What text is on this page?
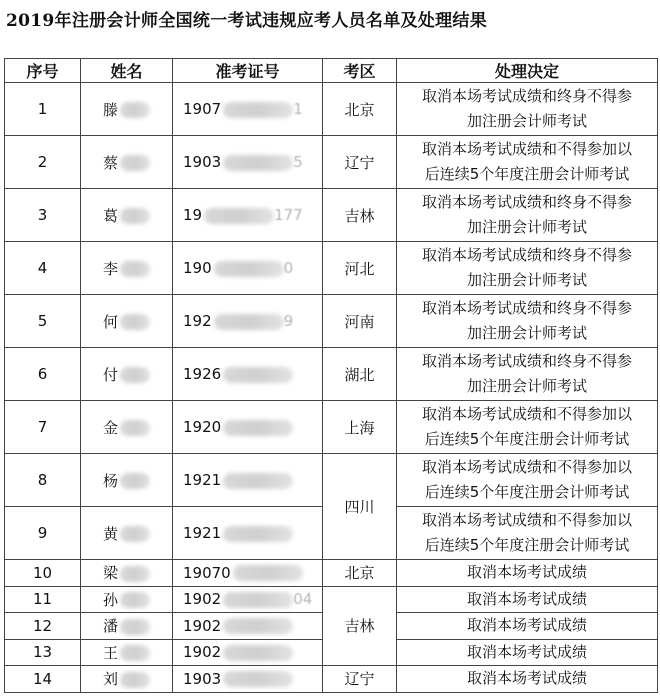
2019年注册会计师全国统一考试违规应考人员名单及处理结果
序号	姓名	准考证号	考区	处理决定
1	滕	1907 1	北京	取消本场考试成绩和终身不得参
加注册会计师考试

2	蔡	1903 5	辽宁	取消本场考试成绩和不得参加以
后连续5个年度注册会计师考试

3	葛	19 177	吉林	取消本场考试成绩和终身不得参
加注册会计师考试

4	李	190 0	河北	取消本场考试成绩和终身不得参
加注册会计师考试

5	何	192 9	河南	取消本场考试成绩和终身不得参
加注册会计师考试

6	付	1926	湖北	取消本场考试成绩和终身不得参
加注册会计师考试

7	金	1920	上海	取消本场考试成绩和不得参加以
后连续5个年度注册会计师考试

8	杨	1921	四川	取消本场考试成绩和不得参加以
后连续5个年度注册会计师考试

9	黄	1921		取消本场考试成绩和不得参加以
后连续5个年度注册会计师考试

10	梁	19070	北京	取消本场考试成绩

11	孙	1902 04	吉林	取消本场考试成绩

12	潘	1902		取消本场考试成绩

13	王	1902		取消本场考试成绩

14	刘	1903	辽宁	取消本场考试成绩
